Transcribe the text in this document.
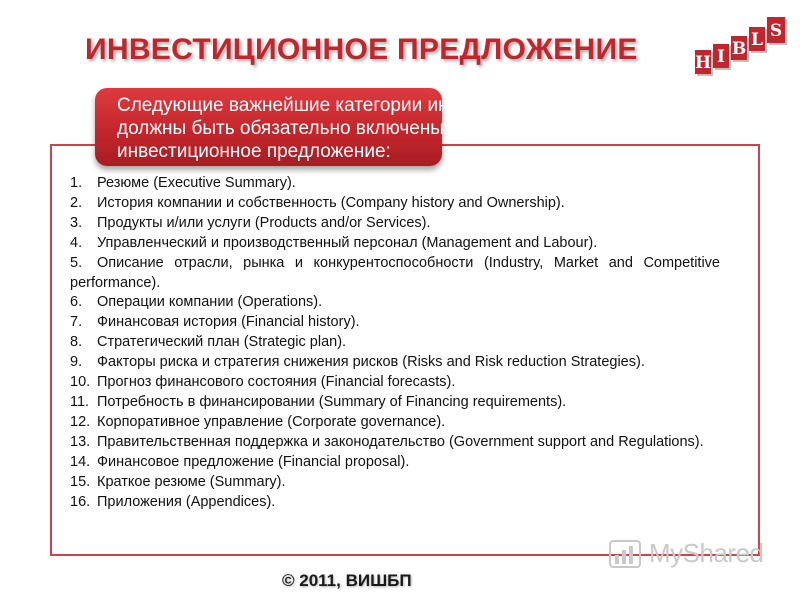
ИНВЕСТИЦИОННОЕ ПРЕДЛОЖЕНИЕ	H I B L S
Следующие важнейшие категории информации
должны быть обязательно включены в
инвестиционное предложение:
1. Резюме (Executive Summary).
2. История компании и собственность (Company history and Ownership).
3. Продукты и/или услуги (Products and/or Services).
4. Управленческий и производственный персонал (Management and Labour).
5. Описание отрасли, рынка и конкурентоспособности (Industry, Market and Competitive performance).
6. Операции компании (Operations).
7. Финансовая история (Financial history).
8. Стратегический план (Strategic plan).
9. Факторы риска и стратегия снижения рисков (Risks and Risk reduction Strategies).
10. Прогноз финансового состояния (Financial forecasts).
11. Потребность в финансировании (Summary of Financing requirements).
12. Корпоративное управление (Corporate governance).
13. Правительственная поддержка и законодательство (Government support and Regulations).
14. Финансовое предложение (Financial proposal).
15. Краткое резюме (Summary).
16. Приложения (Appendices).
MyShared
© 2011, ВИШБП
